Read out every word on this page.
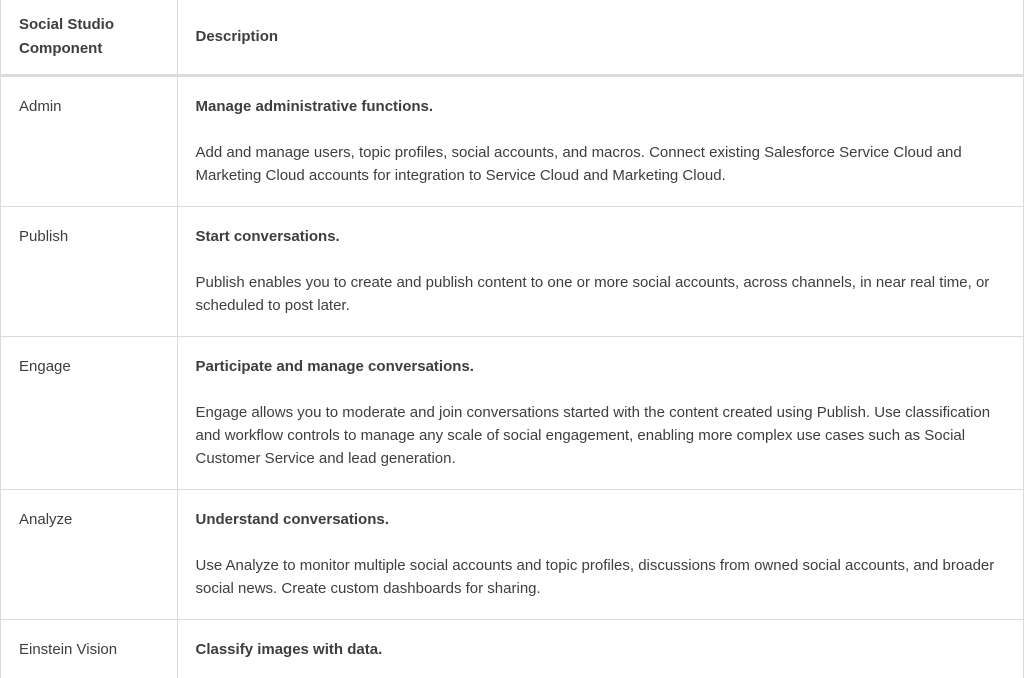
Social Studio Component	Description
Admin	Manage administrative functions.

Add and manage users, topic profiles, social accounts, and macros. Connect existing Salesforce Service Cloud and Marketing Cloud accounts for integration to Service Cloud and Marketing Cloud.

Publish	Start conversations.

Publish enables you to create and publish content to one or more social accounts, across channels, in near real time, or scheduled to post later.

Engage	Participate and manage conversations.

Engage allows you to moderate and join conversations started with the content created using Publish. Use classification and workflow controls to manage any scale of social engagement, enabling more complex use cases such as Social Customer Service and lead generation.

Analyze	Understand conversations.

Use Analyze to monitor multiple social accounts and topic profiles, discussions from owned social accounts, and broader social news. Create custom dashboards for sharing.

Einstein Vision	Classify images with data.
